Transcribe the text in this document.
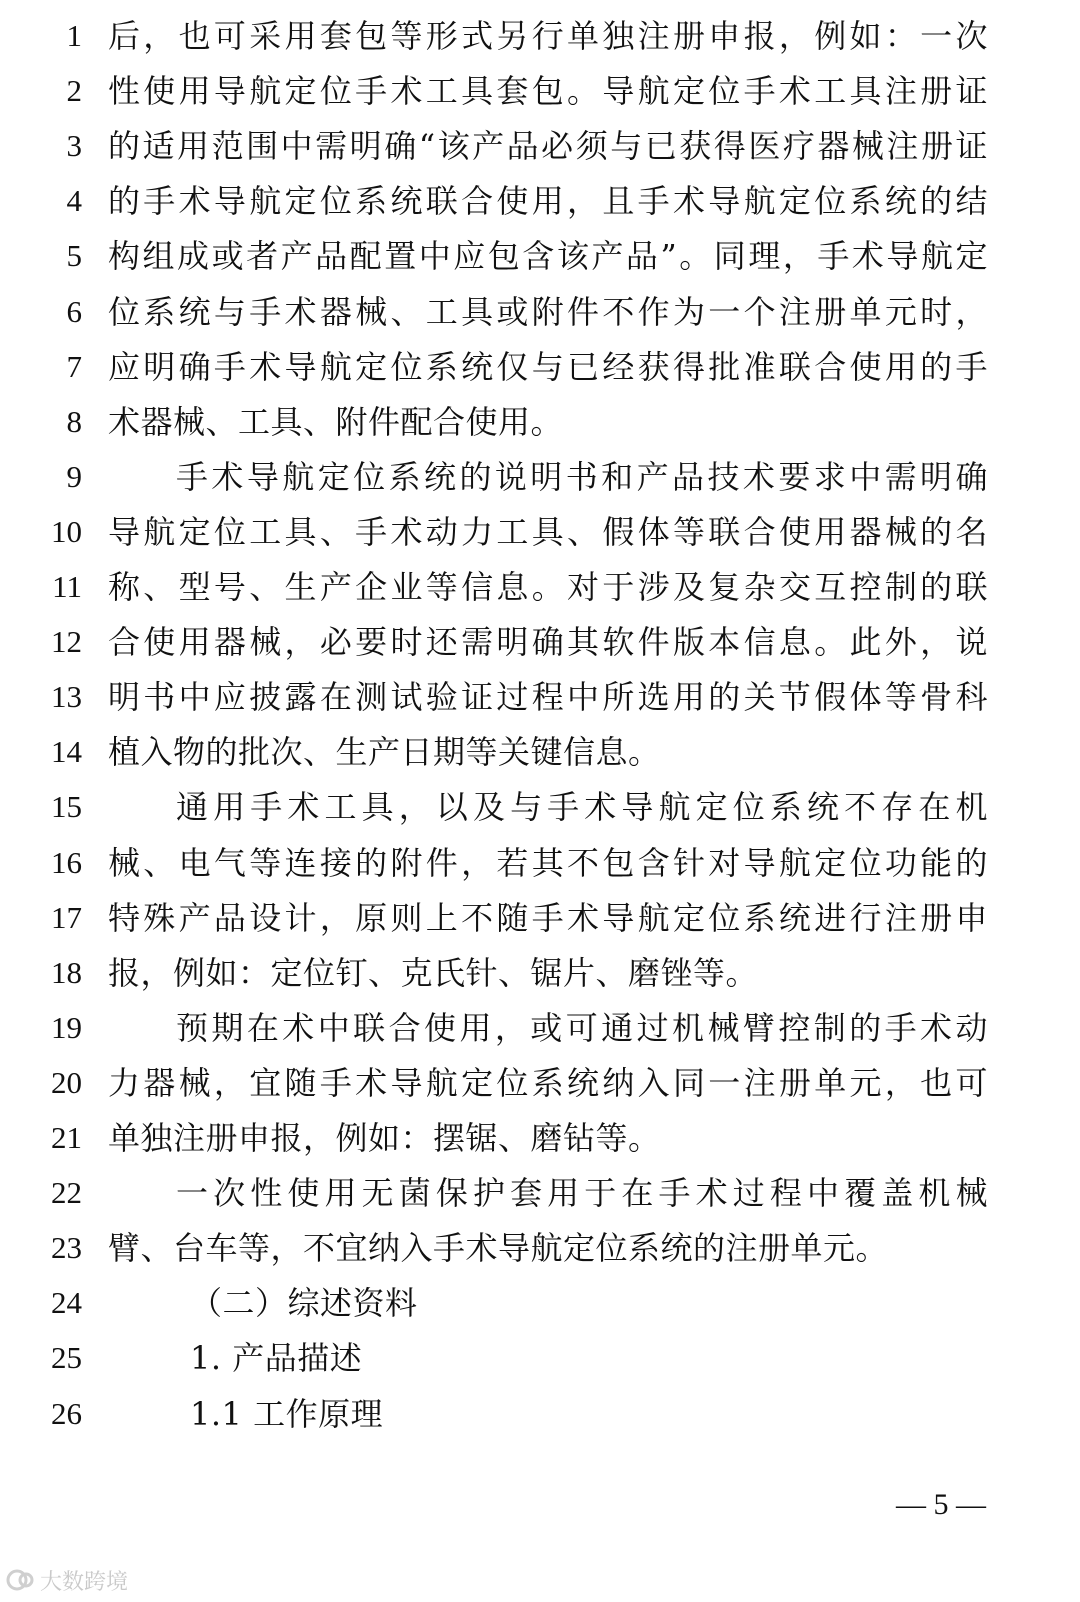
1 后，也可采用套包等形式另行单独注册申报，例如：一次
2 性使用导航定位手术工具套包。导航定位手术工具注册证
3 的适用范围中需明确“该产品必须与已获得医疗器械注册证
4 的手术导航定位系统联合使用，且手术导航定位系统的结
5 构组成或者产品配置中应包含该产品”。同理，手术导航定
6 位系统与手术器械、工具或附件不作为一个注册单元时，
7 应明确手术导航定位系统仅与已经获得批准联合使用的手
8 术器械、工具、附件配合使用。
9	手术导航定位系统的说明书和产品技术要求中需明确
10 导航定位工具、手术动力工具、假体等联合使用器械的名
11 称、型号、生产企业等信息。对于涉及复杂交互控制的联
12 合使用器械，必要时还需明确其软件版本信息。此外，说
13 明书中应披露在测试验证过程中所选用的关节假体等骨科
14 植入物的批次、生产日期等关键信息。
15	通用手术工具，以及与手术导航定位系统不存在机
16 械、电气等连接的附件，若其不包含针对导航定位功能的
17 特殊产品设计，原则上不随手术导航定位系统进行注册申
18 报，例如：定位钉、克氏针、锯片、磨锉等。
19	预期在术中联合使用，或可通过机械臂控制的手术动
20 力器械，宜随手术导航定位系统纳入同一注册单元，也可
21 单独注册申报，例如：摆锯、磨钻等。
22	一次性使用无菌保护套用于在手术过程中覆盖机械
23 臂、台车等，不宜纳入手术导航定位系统的注册单元。
24	（二）综述资料
25	1. 产品描述
26	1.1 工作原理
— 5 —
大数跨境
